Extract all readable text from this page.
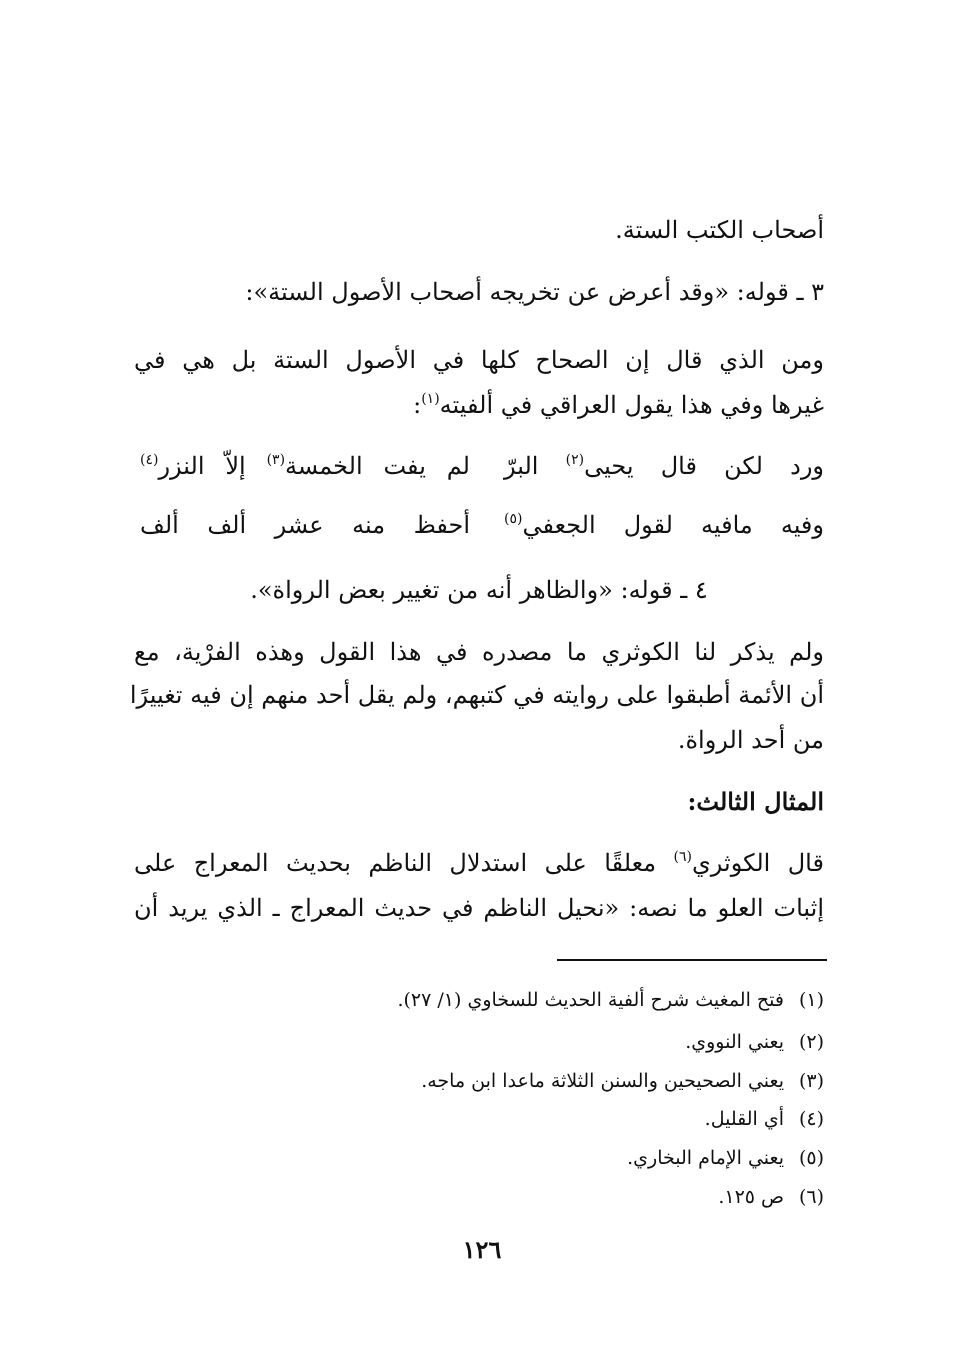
أصحاب الكتب الستة.
٣ ـ قوله: «وقد أعرض عن تخريجه أصحاب الأصول الستة»:
ومن الذي قال إن الصحاح كلها في الأصول الستة بل هي في
غيرها وفي هذا يقول العراقي في ألفيته$^{(١)}$:
ورد لكن قال يحيى$^{(٢)}$ البرّ
لم يفت الخمسة$^{(٣)}$ إلاّ النزر$^{(٤)}$
وفيه مافيه لقول الجعفي$^{(٥)}$
أحفظ منه عشر ألف ألف
٤ ـ قوله: «والظاهر أنه من تغيير بعض الرواة».
ولم يذكر لنا الكوثري ما مصدره في هذا القول وهذه الفرْية، مع
أن الأئمة أطبقوا على روايته في كتبهم، ولم يقل أحد منهم إن فيه تغييرًا
من أحد الرواة.
المثال الثالث:
قال الكوثري$^{(٦)}$ معلقًا على استدلال الناظم بحديث المعراج على
إثبات العلو ما نصه: «نحيل الناظم في حديث المعراج ـ الذي يريد أن
(١)فتح المغيث شرح ألفية الحديث للسخاوي (١/ ٢٧).
(٢)يعني النووي.
(٣)يعني الصحيحين والسنن الثلاثة ماعدا ابن ماجه.
(٤)أي القليل.
(٥)يعني الإمام البخاري.
(٦)ص ١٢٥.
١٢٦
